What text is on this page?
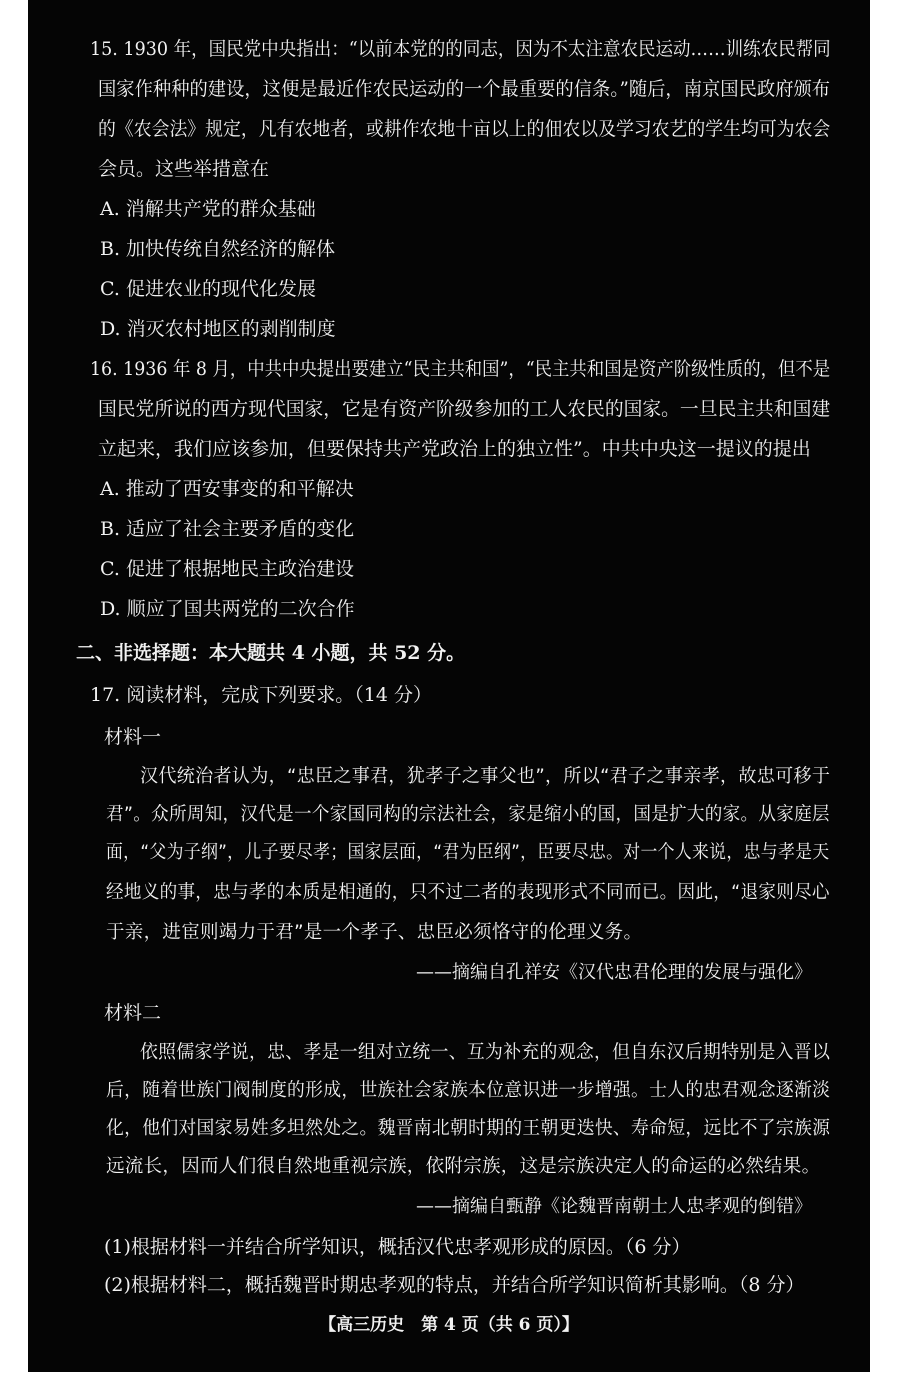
15. 1930 年，国民党中央指出：“以前本党的的同志，因为不太注意农民运动……训练农民帮同
国家作种种的建设，这便是最近作农民运动的一个最重要的信条。”随后，南京国民政府颁布
的《农会法》规定，凡有农地者，或耕作农地十亩以上的佃农以及学习农艺的学生均可为农会
会员。这些举措意在
A. 消解共产党的群众基础
B. 加快传统自然经济的解体
C. 促进农业的现代化发展
D. 消灭农村地区的剥削制度
16. 1936 年 8 月，中共中央提出要建立“民主共和国”，“民主共和国是资产阶级性质的，但不是
国民党所说的西方现代国家，它是有资产阶级参加的工人农民的国家。一旦民主共和国建
立起来，我们应该参加，但要保持共产党政治上的独立性”。中共中央这一提议的提出
A. 推动了西安事变的和平解决
B. 适应了社会主要矛盾的变化
C. 促进了根据地民主政治建设
D. 顺应了国共两党的二次合作
二、非选择题：本大题共 4 小题，共 52 分。
17. 阅读材料，完成下列要求。（14 分）
材料一
汉代统治者认为，“忠臣之事君，犹孝子之事父也”，所以“君子之事亲孝，故忠可移于
君”。众所周知，汉代是一个家国同构的宗法社会，家是缩小的国，国是扩大的家。从家庭层
面，“父为子纲”，儿子要尽孝；国家层面，“君为臣纲”，臣要尽忠。对一个人来说，忠与孝是天
经地义的事，忠与孝的本质是相通的，只不过二者的表现形式不同而已。因此，“退家则尽心
于亲，进宦则竭力于君”是一个孝子、忠臣必须恪守的伦理义务。
——摘编自孔祥安《汉代忠君伦理的发展与强化》
材料二
依照儒家学说，忠、孝是一组对立统一、互为补充的观念，但自东汉后期特别是入晋以
后，随着世族门阀制度的形成，世族社会家族本位意识进一步增强。士人的忠君观念逐渐淡
化，他们对国家易姓多坦然处之。魏晋南北朝时期的王朝更迭快、寿命短，远比不了宗族源
远流长，因而人们很自然地重视宗族，依附宗族，这是宗族决定人的命运的必然结果。
——摘编自甄静《论魏晋南朝士人忠孝观的倒错》
(1)根据材料一并结合所学知识，概括汉代忠孝观形成的原因。（6 分）
(2)根据材料二，概括魏晋时期忠孝观的特点，并结合所学知识简析其影响。（8 分）
【高三历史　第 4 页（共 6 页）】
